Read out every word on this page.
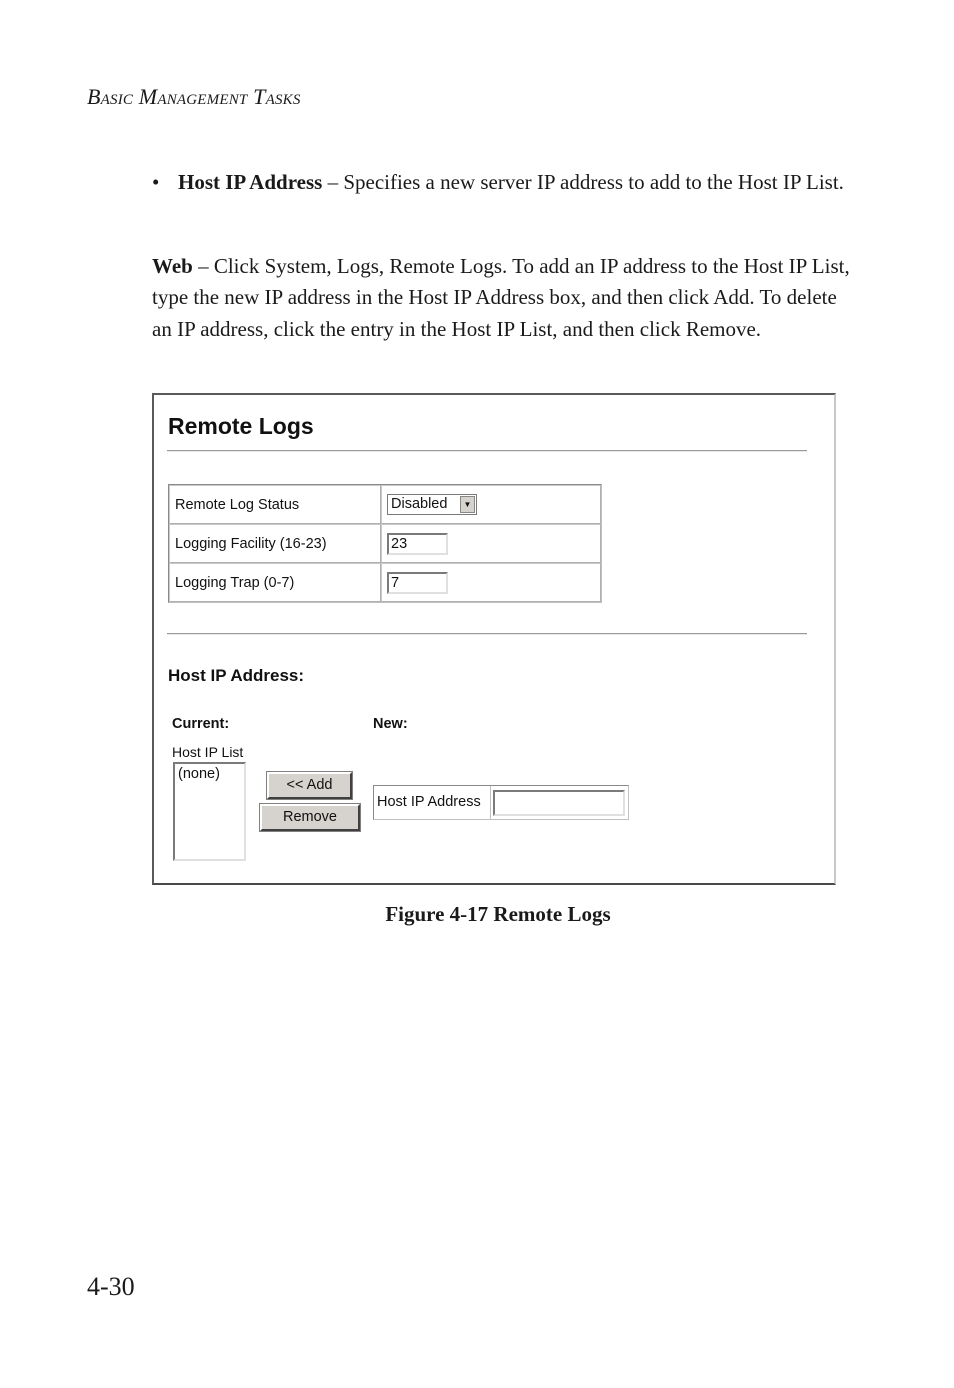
Basic Management Tasks
• Host IP Address – Specifies a new server IP address to add to the Host IP List.
Web – Click System, Logs, Remote Logs. To add an IP address to the Host IP List, type the new IP address in the Host IP Address box, and then click Add. To delete an IP address, click the entry in the Host IP List, and then click Remove.
Remote Logs
Remote Log Status	Disabled ▼

Logging Facility (16-23)	23
Logging Trap (0-7)	7
Host IP Address:
Current:	New:
Host IP List
(none)
<< Add
Remove
Host IP Address
Figure 4-17 Remote Logs
4-30
